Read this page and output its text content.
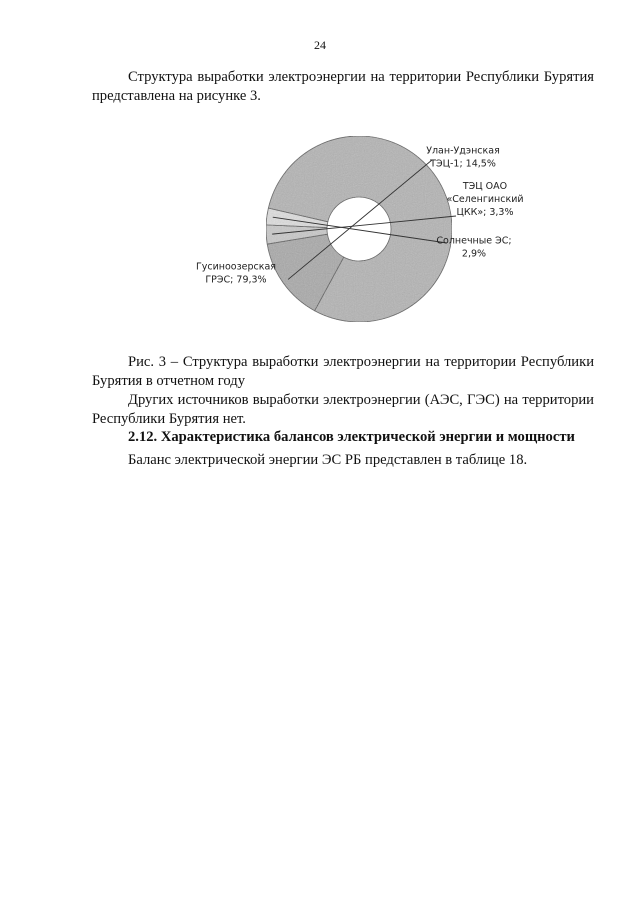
24
Структура выработки электроэнергии на территории Республики Бурятия представлена на рисунке 3.
Гусиноозерская ГРЭС; 79,3%
Улан-Удэнская ТЭЦ-1; 14,5%
ТЭЦ ОАО «Селенгинский ЦКК»; 3,3%
Солнечные ЭС; 2,9%
Рис. 3 – Структура выработки электроэнергии на территории Республики Бурятия в отчетном году
Других источников выработки электроэнергии (АЭС, ГЭС) на территории Республики Бурятия нет.
2.12. Характеристика балансов электрической энергии и мощности
Баланс электрической энергии ЭС РБ представлен в таблице 18.
